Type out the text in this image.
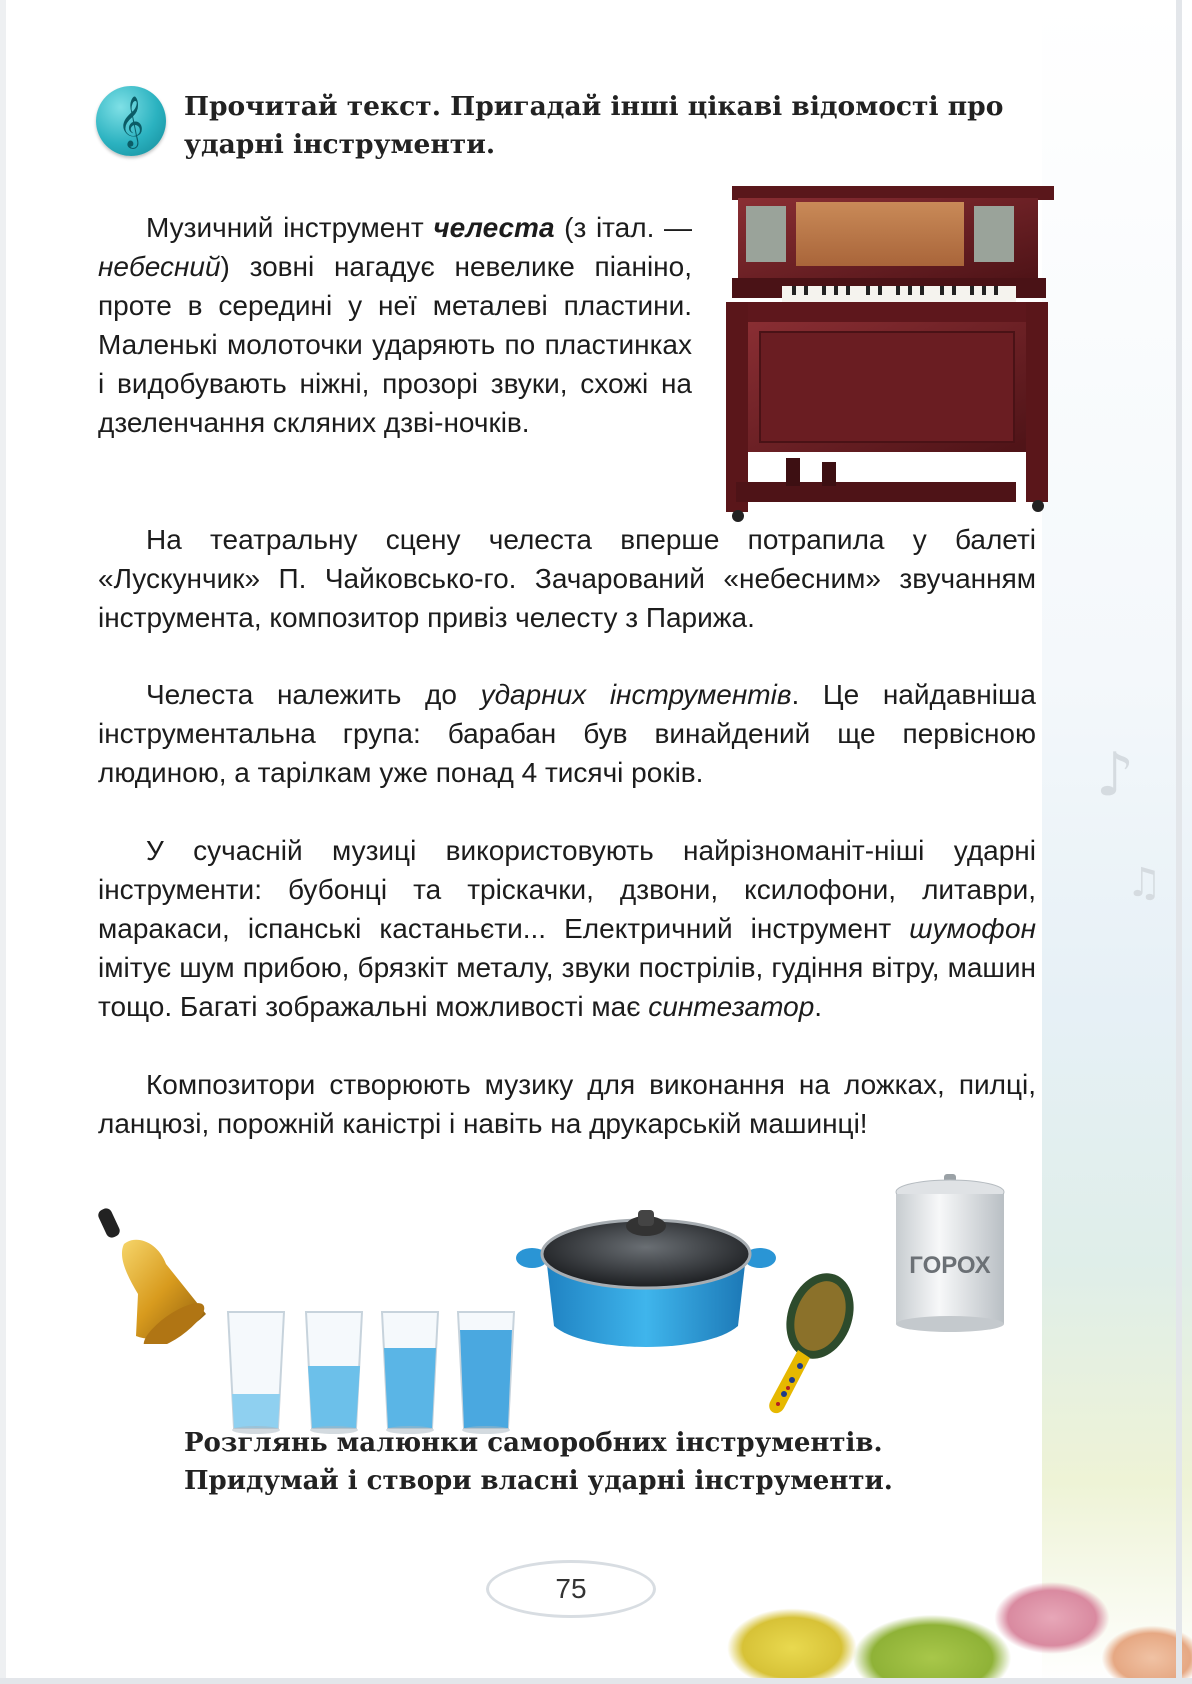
♪
♫
𝄞	Прочитай текст. Пригадай інші цікаві відомості про ударні інструменти.

Музичний інструмент челеста (з італ. — небесний) зовні нагадує невелике піаніно, проте в середині у неї металеві пластини. Маленькі молоточки ударяють по пластинках і видобувають ніжні, прозорі звуки, схожі на дзеленчання скляних дзві-ночків.

На театральну сцену челеста вперше потрапила у балеті «Лускунчик» П. Чайковсько-го. Зачарований «небесним» звучанням інструмента, композитор привіз челесту з Парижа.

Челеста належить до ударних інструментів. Це найдавніша інструментальна група: барабан був винайдений ще первісною людиною, а тарілкам уже понад 4 тисячі років.

У сучасній музиці використовують найрізноманіт-ніші ударні інструменти: бубонці та тріскачки, дзвони, ксилофони, литаври, маракаси, іспанські кастаньєти... Електричний інструмент шумофон імітує шум прибою, брязкіт металу, звуки пострілів, гудіння вітру, машин тощо. Багаті зображальні можливості має синтезатор.

Композитори створюють музику для виконання на ложках, пилці, ланцюзі, порожній каністрі і навіть на друкарській машинці!

ГОРОХ
Розглянь малюнки саморобних інструментів.
Придумай і створи власні ударні інструменти.
75
